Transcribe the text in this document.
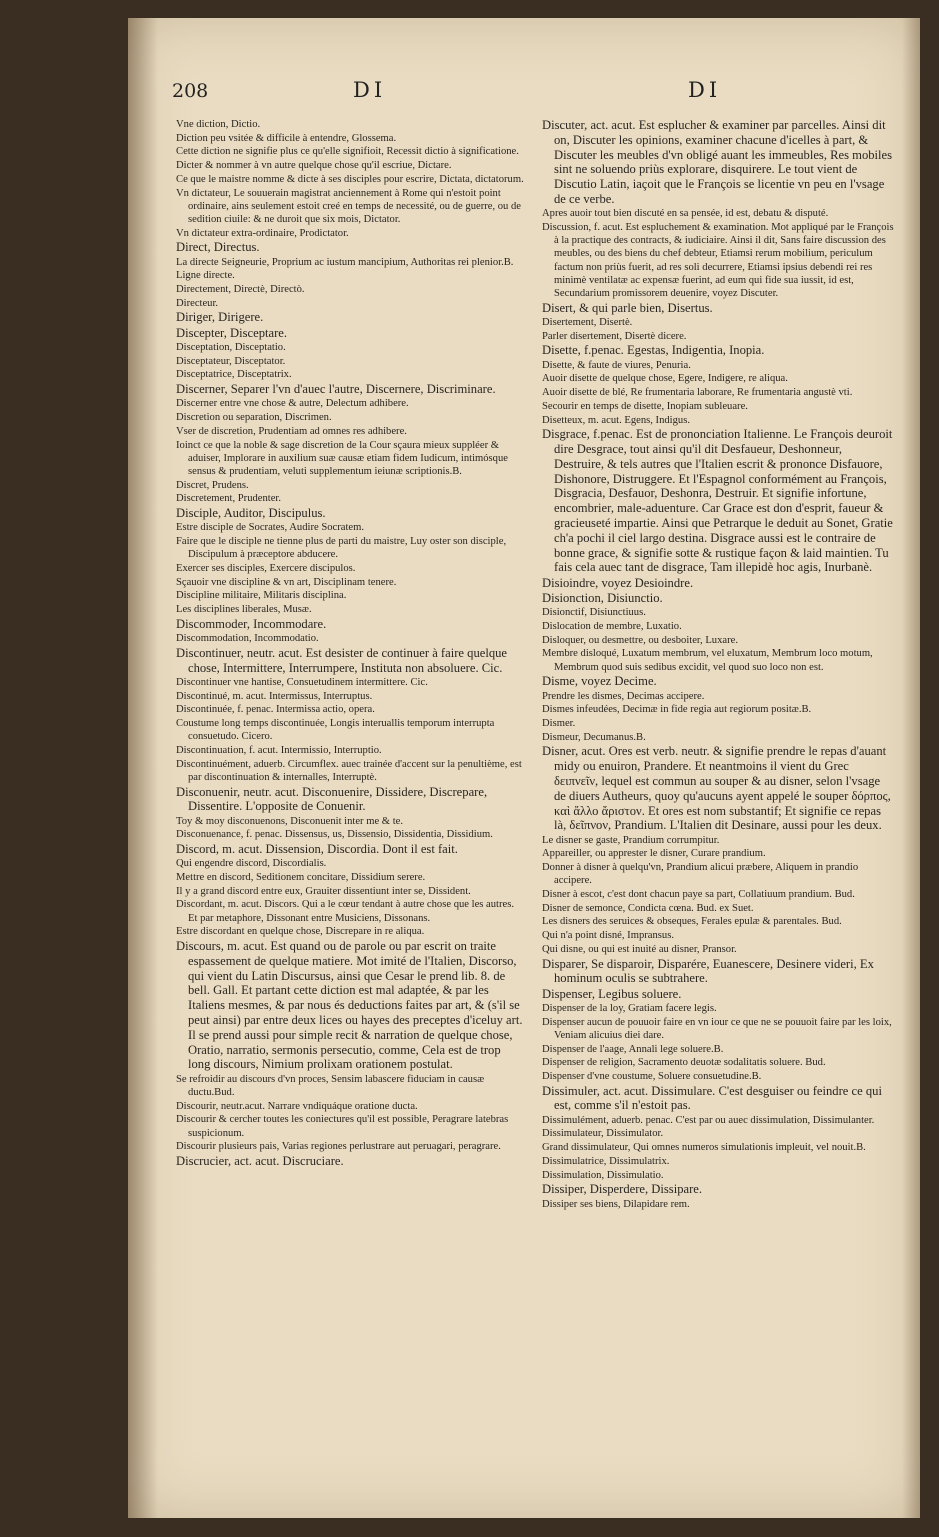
208	DI	DI

Vne diction, Dictio.

Diction peu vsitée & difficile à entendre, Glossema.

Cette diction ne signifie plus ce qu'elle signifioit, Recessit dictio à significatione.

Dicter & nommer à vn autre quelque chose qu'il escriue, Dictare.

Ce que le maistre nomme & dicte à ses disciples pour escrire, Dictata, dictatorum.

Vn dictateur, Le souuerain magistrat anciennement à Rome qui n'estoit point ordinaire, ains seulement estoit creé en temps de necessité, ou de guerre, ou de sedition ciuile: & ne duroit que six mois, Dictator.

Vn dictateur extra-ordinaire, Prodictator.

Direct, Directus.

La directe Seigneurie, Proprium ac iustum mancipium, Authoritas rei plenior.B.

Ligne directe.

Directement, Directè, Directò.

Directeur.

Diriger, Dirigere.

Discepter, Disceptare.

Disceptation, Disceptatio.

Disceptateur, Disceptator.

Disceptatrice, Disceptatrix.

Discerner, Separer l'vn d'auec l'autre, Discernere, Discriminare.

Discerner entre vne chose & autre, Delectum adhibere.

Discretion ou separation, Discrimen.

Vser de discretion, Prudentiam ad omnes res adhibere.

Ioinct ce que la noble & sage discretion de la Cour sçaura mieux suppléer & aduiser, Implorare in auxilium suæ causæ etiam fidem Iudicum, intimósque sensus & prudentiam, veluti supplementum ieiunæ scriptionis.B.

Discret, Prudens.

Discretement, Prudenter.

Disciple, Auditor, Discipulus.

Estre disciple de Socrates, Audire Socratem.

Faire que le disciple ne tienne plus de parti du maistre, Luy oster son disciple, Discipulum à præceptore abducere.

Exercer ses disciples, Exercere discipulos.

Sçauoir vne discipline & vn art, Disciplinam tenere.

Discipline militaire, Militaris disciplina.

Les disciplines liberales, Musæ.

Discommoder, Incommodare.

Discommodation, Incommodatio.

Discontinuer, neutr. acut. Est desister de continuer à faire quelque chose, Intermittere, Interrumpere, Instituta non absoluere. Cic.

Discontinuer vne hantise, Consuetudinem intermittere. Cic.

Discontinué, m. acut. Intermissus, Interruptus.

Discontinuée, f. penac. Intermissa actio, opera.

Coustume long temps discontinuée, Longis interuallis temporum interrupta consuetudo. Cicero.

Discontinuation, f. acut. Intermissio, Interruptio.

Discontinuément, aduerb. Circumflex. auec trainée d'accent sur la penultième, est par discontinuation & internalles, Interruptè.

Disconuenir, neutr. acut. Disconuenire, Dissidere, Discrepare, Dissentire. L'opposite de Conuenir.

Toy & moy disconuenons, Disconuenit inter me & te.

Disconuenance, f. penac. Dissensus, us, Dissensio, Dissidentia, Dissidium.

Discord, m. acut. Dissension, Discordia. Dont il est fait.

Qui engendre discord, Discordialis.

Mettre en discord, Seditionem concitare, Dissidium serere.

Il y a grand discord entre eux, Grauiter dissentiunt inter se, Dissident.

Discordant, m. acut. Discors. Qui a le cœur tendant à autre chose que les autres. Et par metaphore, Dissonant entre Musiciens, Dissonans.

Estre discordant en quelque chose, Discrepare in re aliqua.

Discours, m. acut. Est quand ou de parole ou par escrit on traite espassement de quelque matiere. Mot imité de l'Italien, Discorso, qui vient du Latin Discursus, ainsi que Cesar le prend lib. 8. de bell. Gall. Et partant cette diction est mal adaptée, & par les Italiens mesmes, & par nous és deductions faites par art, & (s'il se peut ainsi) par entre deux lices ou hayes des preceptes d'iceluy art. Il se prend aussi pour simple recit & narration de quelque chose, Oratio, narratio, sermonis persecutio, comme, Cela est de trop long discours, Nimium prolixam orationem postulat.

Se refroidir au discours d'vn proces, Sensim labascere fiduciam in causæ ductu.Bud.

Discourir, neutr.acut. Narrare vndiquáque oratione ducta.

Discourir & cercher toutes les coniectures qu'il est possible, Peragrare latebras suspicionum.

Discourir plusieurs pais, Varias regiones perlustrare aut peruagari, peragrare.

Discrucier, act. acut. Discruciare.

Discuter, act. acut. Est esplucher & examiner par parcelles. Ainsi dit on, Discuter les opinions, examiner chacune d'icelles à part, & Discuter les meubles d'vn obligé auant les immeubles, Res mobiles sint ne soluendo priùs explorare, disquirere. Le tout vient de Discutio Latin, iaçoit que le François se licentie vn peu en l'vsage de ce verbe.

Apres auoir tout bien discuté en sa pensée, id est, debatu & disputé.

Discussion, f. acut. Est espluchement & examination. Mot appliqué par le François à la practique des contracts, & iudiciaire. Ainsi il dit, Sans faire discussion des meubles, ou des biens du chef debteur, Etiamsi rerum mobilium, periculum factum non priùs fuerit, ad res soli decurrere, Etiamsi ipsius debendi rei res minimè ventilatæ ac expensæ fuerint, ad eum qui fide sua iussit, id est, Secundarium promissorem deuenire, voyez Discuter.

Disert, & qui parle bien, Disertus.

Disertement, Disertè.

Parler disertement, Disertè dicere.

Disette, f.penac. Egestas, Indigentia, Inopia.

Disette, & faute de viures, Penuria.

Auoir disette de quelque chose, Egere, Indigere, re aliqua.

Auoir disette de blé, Re frumentaria laborare, Re frumentaria angustè vti.

Secourir en temps de disette, Inopiam subleuare.

Disetteux, m. acut. Egens, Indigus.

Disgrace, f.penac. Est de prononciation Italienne. Le François deuroit dire Desgrace, tout ainsi qu'il dit Desfaueur, Deshonneur, Destruire, & tels autres que l'Italien escrit & prononce Disfauore, Dishonore, Distruggere. Et l'Espagnol conformément au François, Disgracia, Desfauor, Deshonra, Destruir. Et signifie infortune, encombrier, male-aduenture. Car Grace est don d'esprit, faueur & gracieuseté impartie. Ainsi que Petrarque le deduit au Sonet, Gratie ch'a pochi il ciel largo destina. Disgrace aussi est le contraire de bonne grace, & signifie sotte & rustique façon & laid maintien. Tu fais cela auec tant de disgrace, Tam illepidè hoc agis, Inurbanè.

Disioindre, voyez Desioindre.

Disionction, Disiunctio.

Disionctif, Disiunctiuus.

Dislocation de membre, Luxatio.

Disloquer, ou desmettre, ou desboiter, Luxare.

Membre disloqué, Luxatum membrum, vel eluxatum, Membrum loco motum, Membrum quod suis sedibus excidit, vel quod suo loco non est.

Disme, voyez Decime.

Prendre les dismes, Decimas accipere.

Dismes infeudées, Decimæ in fide regia aut regiorum positæ.B.

Dismer.

Dismeur, Decumanus.B.

Disner, acut. Ores est verb. neutr. & signifie prendre le repas d'auant midy ou enuiron, Prandere. Et neantmoins il vient du Grec δειπνεῖν, lequel est commun au souper & au disner, selon l'vsage de diuers Autheurs, quoy qu'aucuns ayent appelé le souper δόρπος, καὶ ἄλλο ἄριστον. Et ores est nom substantif; Et signifie ce repas là, δεῖπνον, Prandium. L'Italien dit Desinare, aussi pour les deux.

Le disner se gaste, Prandium corrumpitur.

Appareiller, ou apprester le disner, Curare prandium.

Donner à disner à quelqu'vn, Prandium alicui præbere, Aliquem in prandio accipere.

Disner à escot, c'est dont chacun paye sa part, Collatiuum prandium. Bud.

Disner de semonce, Condicta cœna. Bud. ex Suet.

Les disners des seruices & obseques, Ferales epulæ & parentales. Bud.

Qui n'a point disné, Impransus.

Qui disne, ou qui est inuité au disner, Pransor.

Disparer, Se disparoir, Disparére, Euanescere, Desinere videri, Ex hominum oculis se subtrahere.

Dispenser, Legibus soluere.

Dispenser de la loy, Gratiam facere legis.

Dispenser aucun de pouuoir faire en vn iour ce que ne se pouuoit faire par les loix, Veniam alicuius diei dare.

Dispenser de l'aage, Annali lege soluere.B.

Dispenser de religion, Sacramento deuotæ sodalitatis soluere. Bud.

Dispenser d'vne coustume, Soluere consuetudine.B.

Dissimuler, act. acut. Dissimulare. C'est desguiser ou feindre ce qui est, comme s'il n'estoit pas.

Dissimulément, aduerb. penac. C'est par ou auec dissimulation, Dissimulanter.

Dissimulateur, Dissimulator.

Grand dissimulateur, Qui omnes numeros simulationis impleuit, vel nouit.B.

Dissimulatrice, Dissimulatrix.

Dissimulation, Dissimulatio.

Dissiper, Disperdere, Dissipare.

Dissiper ses biens, Dilapidare rem.
